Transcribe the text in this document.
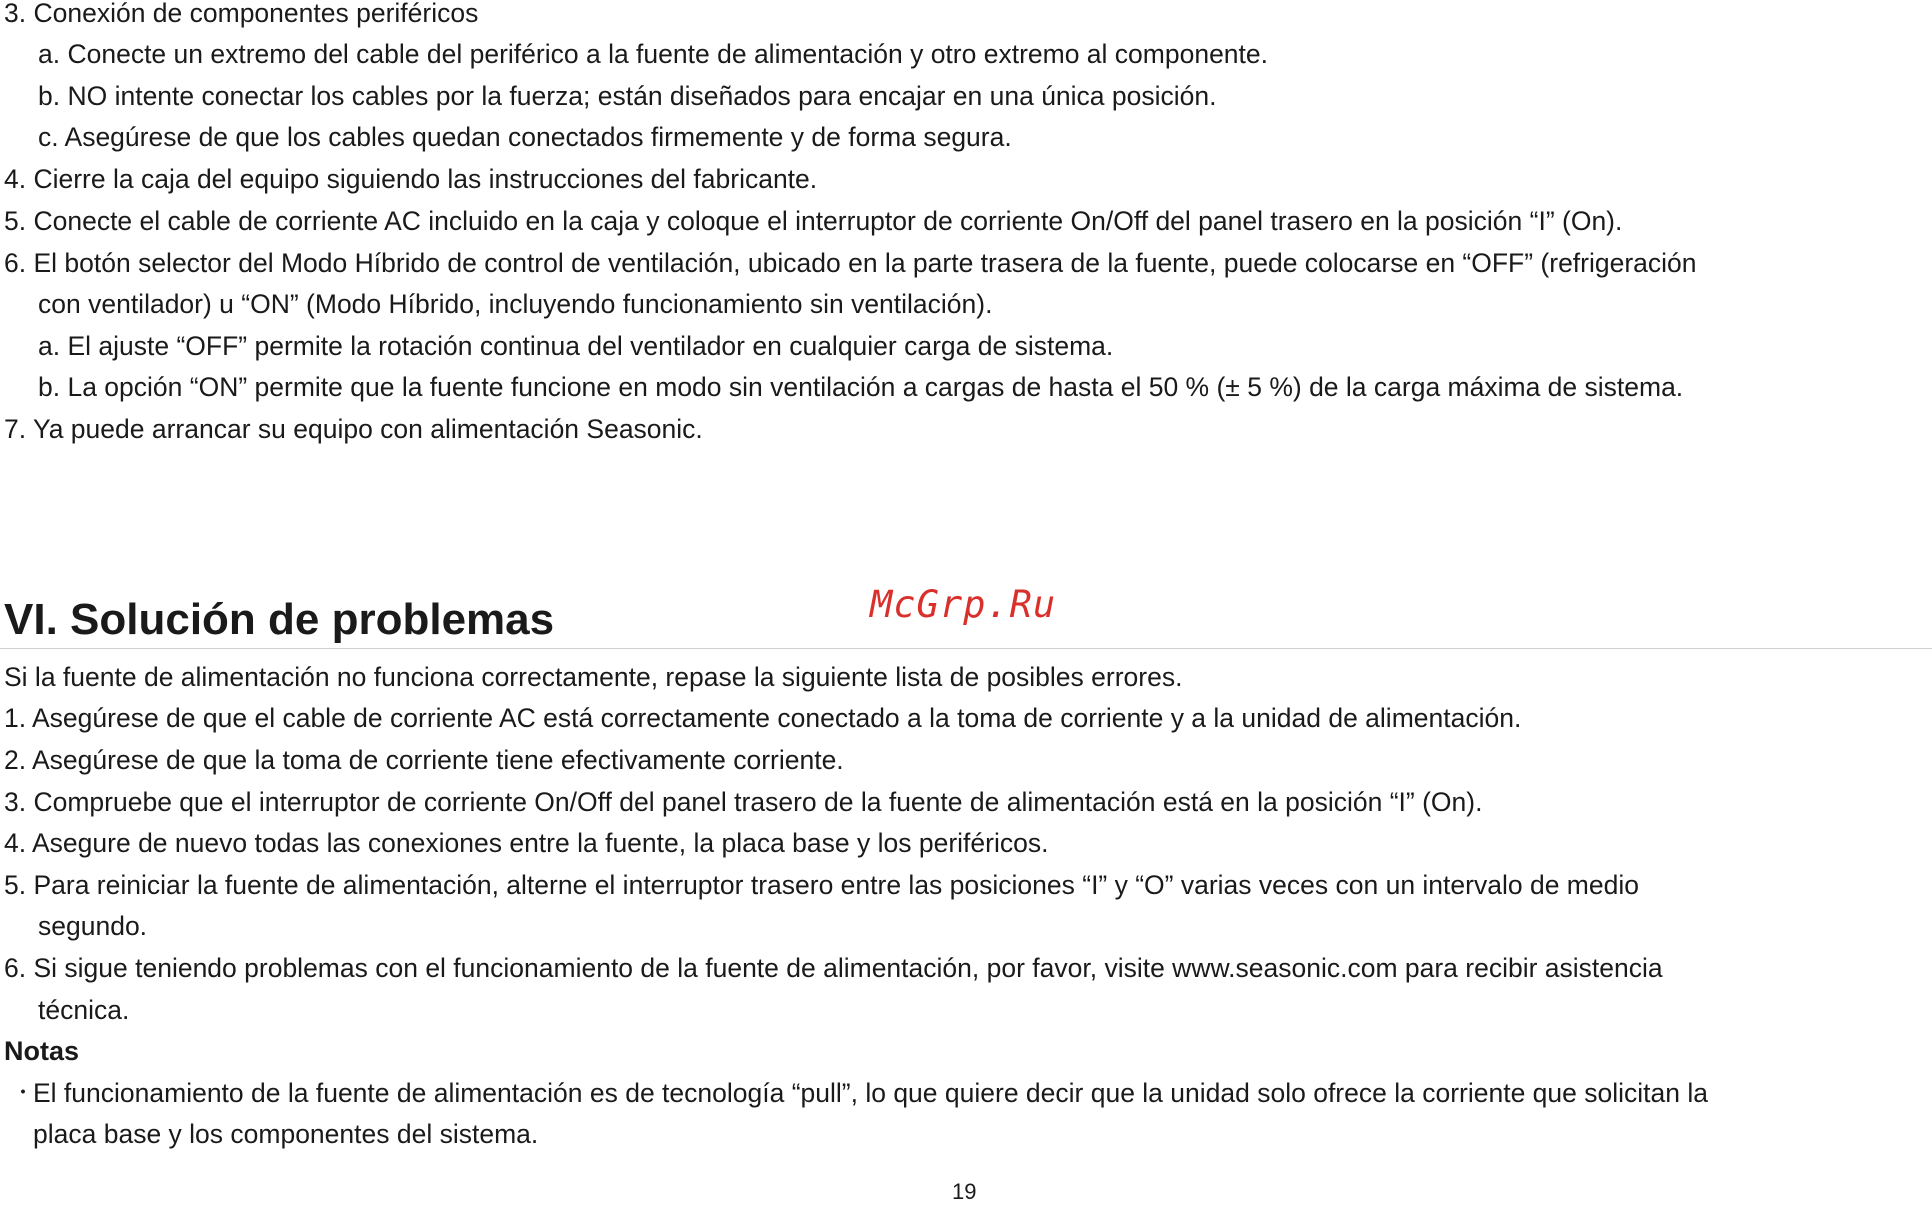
3. Conexión de componentes periféricos

a. Conecte un extremo del cable del periférico a la fuente de alimentación y otro extremo al componente.

b. NO intente conectar los cables por la fuerza; están diseñados para encajar en una única posición.

c. Asegúrese de que los cables quedan conectados firmemente y de forma segura.

4. Cierre la caja del equipo siguiendo las instrucciones del fabricante.

5. Conecte el cable de corriente AC incluido en la caja y coloque el interruptor de corriente On/Off del panel trasero en la posición “I” (On).

6. El botón selector del Modo Híbrido de control de ventilación, ubicado en la parte trasera de la fuente, puede colocarse en “OFF” (refrigeración

con ventilador) u “ON” (Modo Híbrido, incluyendo funcionamiento sin ventilación).

a. El ajuste “OFF” permite la rotación continua del ventilador en cualquier carga de sistema.

b. La opción “ON” permite que la fuente funcione en modo sin ventilación a cargas de hasta el 50 % (± 5 %) de la carga máxima de sistema.

7. Ya puede arrancar su equipo con alimentación Seasonic.

McGrp.Ru
VI. Solución de problemas

Si la fuente de alimentación no funciona correctamente, repase la siguiente lista de posibles errores.

1. Asegúrese de que el cable de corriente AC está correctamente conectado a la toma de corriente y a la unidad de alimentación.

2. Asegúrese de que la toma de corriente tiene efectivamente corriente.

3. Compruebe que el interruptor de corriente On/Off del panel trasero de la fuente de alimentación está en la posición “I” (On).

4. Asegure de nuevo todas las conexiones entre la fuente, la placa base y los periféricos.

5. Para reiniciar la fuente de alimentación, alterne el interruptor trasero entre las posiciones “I” y “O” varias veces con un intervalo de medio

segundo.

6. Si sigue teniendo problemas con el funcionamiento de la fuente de alimentación, por favor, visite www.seasonic.com para recibir asistencia

técnica.

Notas

・

El funcionamiento de la fuente de alimentación es de tecnología “pull”, lo que quiere decir que la unidad solo ofrece la corriente que solicitan la

placa base y los componentes del sistema.

19
